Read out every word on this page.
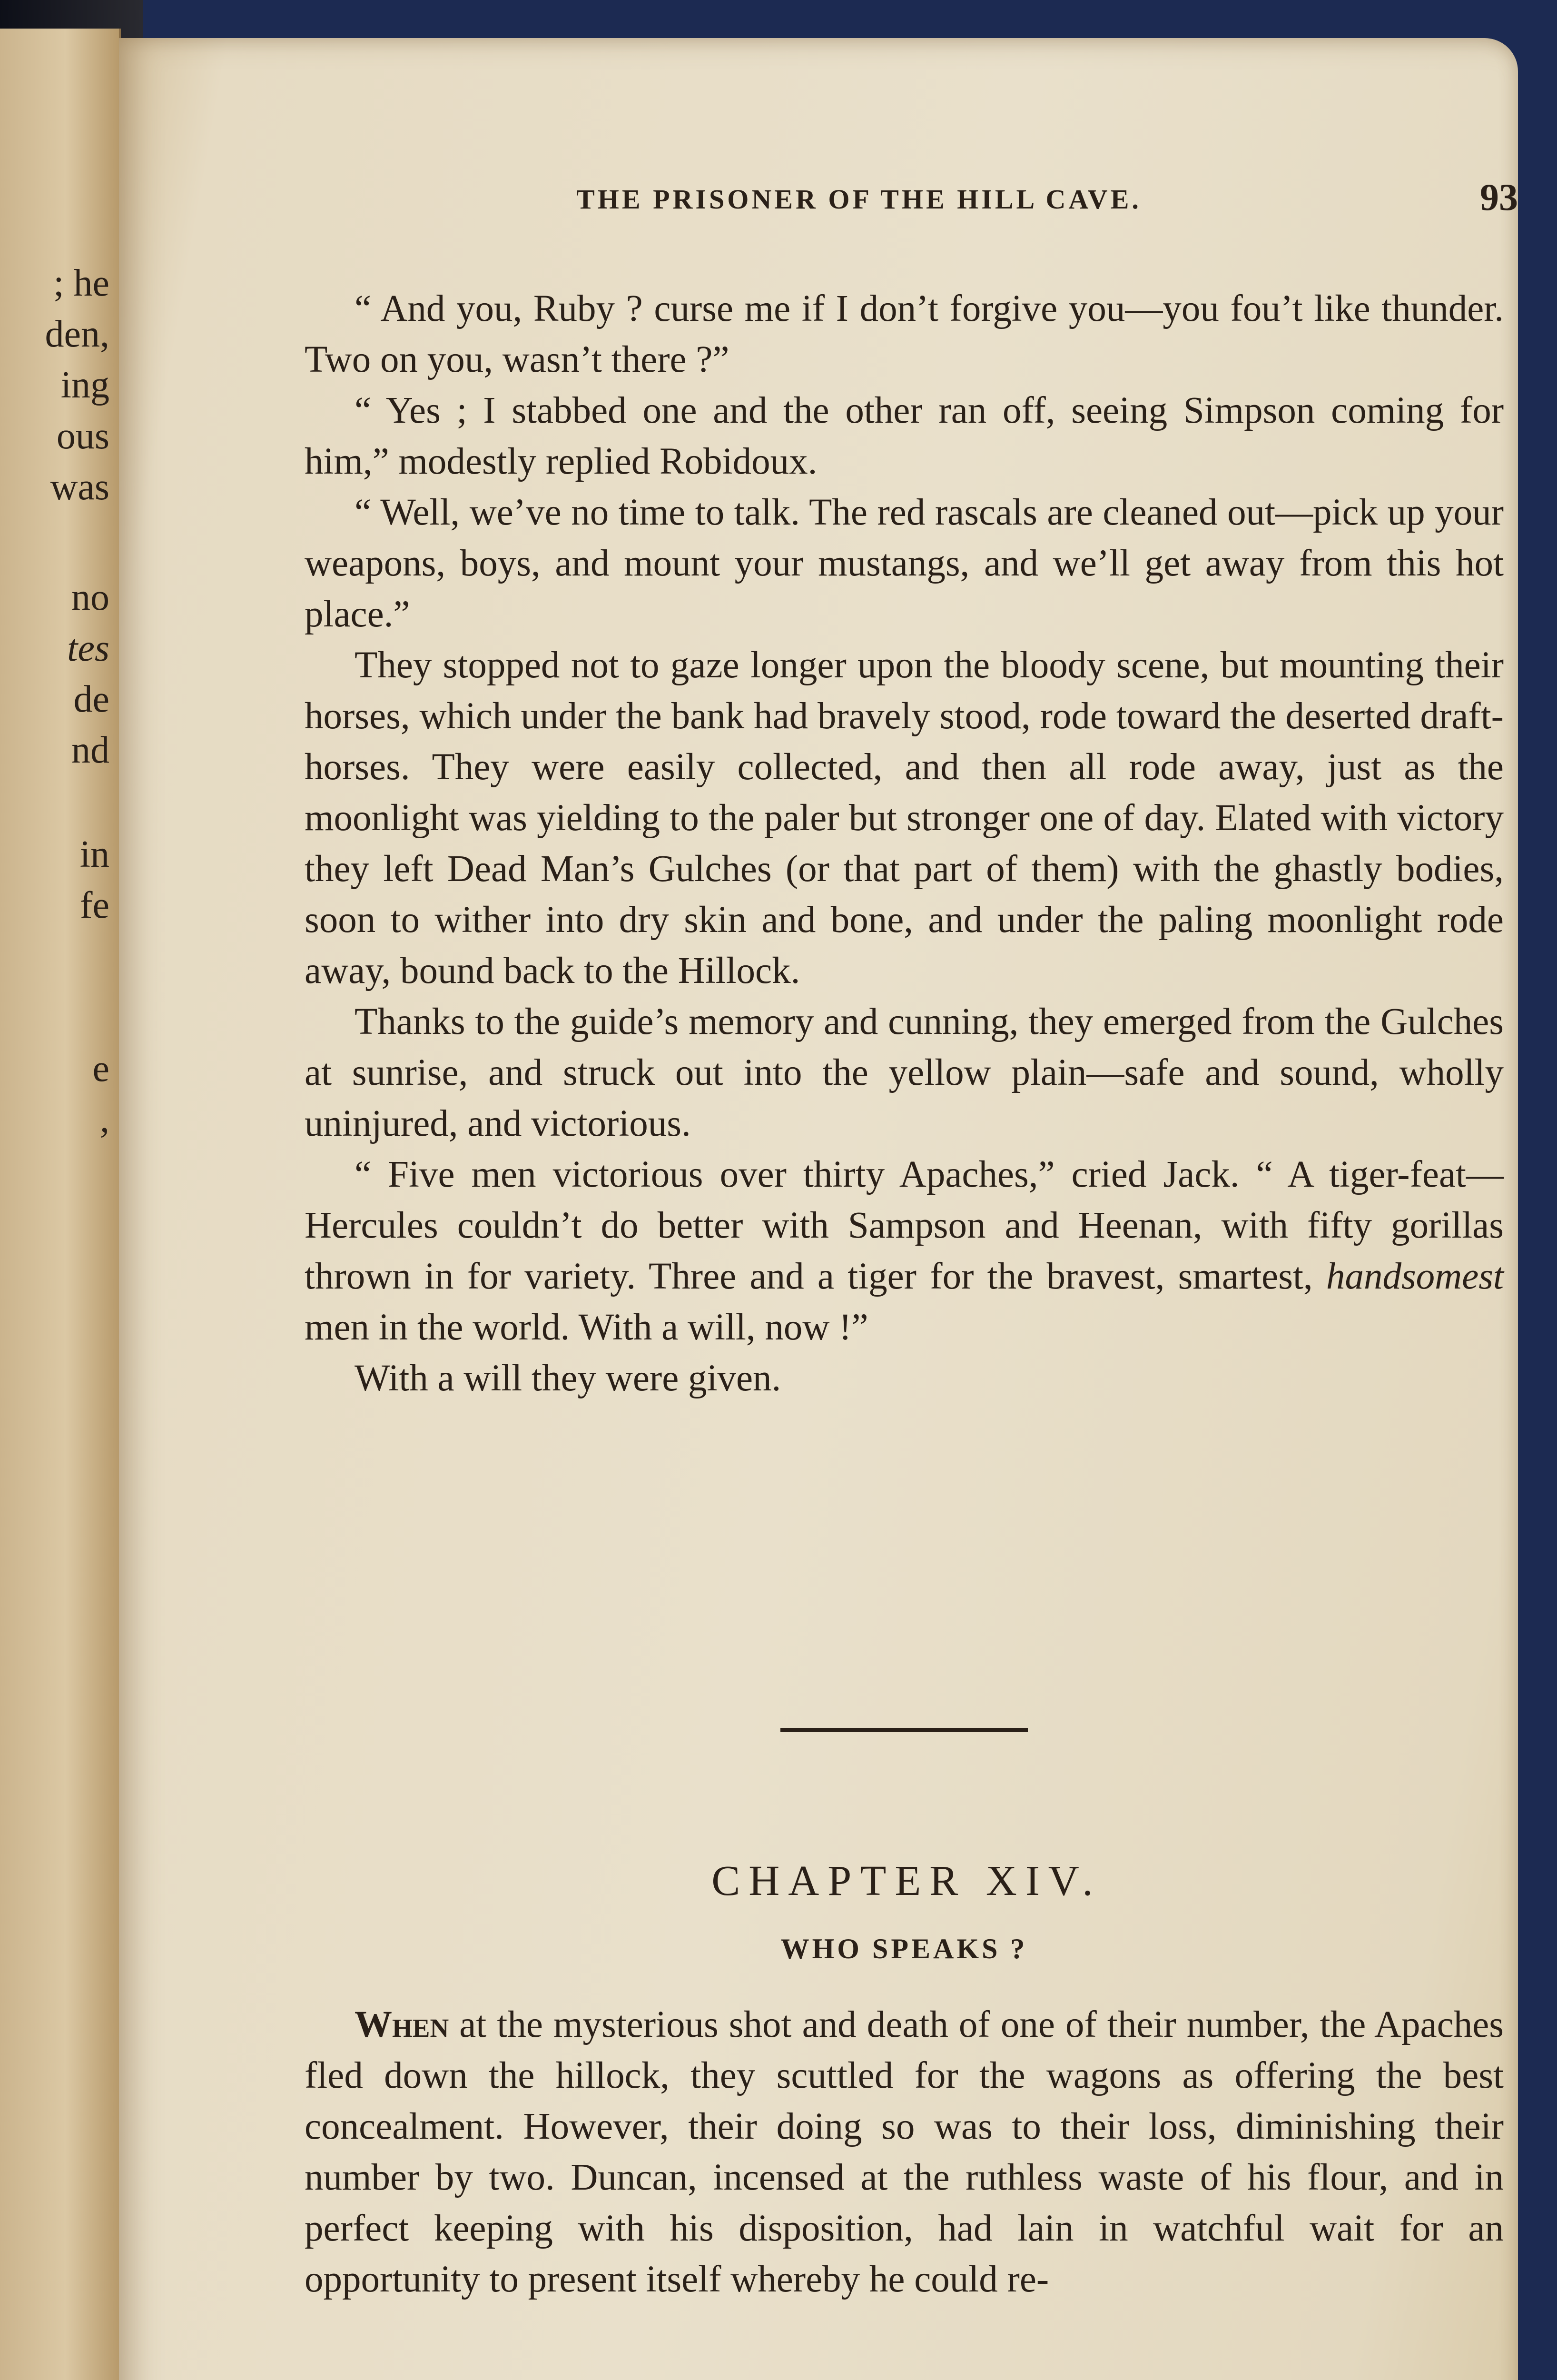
; he
den,
ing
ous
was
no
tes
de
nd
in
fe
e
,
THE PRISONER OF THE HILL CAVE.	93

“ And you, Ruby ? curse me if I don’t forgive you—you fou’t like thunder. Two on you, wasn’t there ?”

“ Yes ; I stabbed one and the other ran off, seeing Simpson coming for him,” modestly replied Robidoux.

“ Well, we’ve no time to talk. The red rascals are cleaned out—pick up your weapons, boys, and mount your mustangs, and we’ll get away from this hot place.”

They stopped not to gaze longer upon the bloody scene, but mounting their horses, which under the bank had bravely stood, rode toward the deserted draft-horses. They were easily collected, and then all rode away, just as the moonlight was yielding to the paler but stronger one of day. Elated with victory they left Dead Man’s Gulches (or that part of them) with the ghastly bodies, soon to wither into dry skin and bone, and under the paling moonlight rode away, bound back to the Hillock.

Thanks to the guide’s memory and cunning, they emerged from the Gulches at sunrise, and struck out into the yellow plain—safe and sound, wholly uninjured, and victorious.

“ Five men victorious over thirty Apaches,” cried Jack. “ A tiger-feat—Hercules couldn’t do better with Sampson and Heenan, with fifty gorillas thrown in for variety. Three and a tiger for the bravest, smartest, handsomest men in the world. With a will, now !”

With a will they were given.

CHAPTER XIV.
WHO SPEAKS ?

When at the mysterious shot and death of one of their number, the Apaches fled down the hillock, they scuttled for the wagons as offering the best concealment. However, their doing so was to their loss, diminishing their number by two. Duncan, incensed at the ruthless waste of his flour, and in perfect keeping with his disposition, had lain in watchful wait for an opportunity to present itself whereby he could re-
